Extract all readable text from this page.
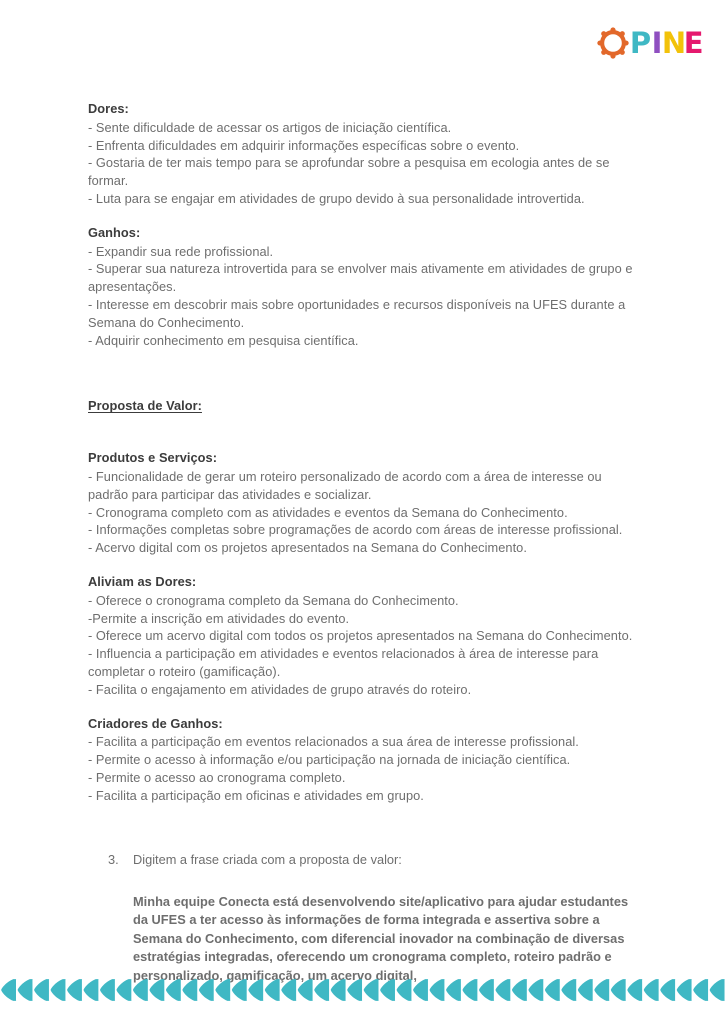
P I N
E

Dores:

- Sente dificuldade de acessar os artigos de iniciação científica.

- Enfrenta dificuldades em adquirir informações específicas sobre o evento.

- Gostaria de ter mais tempo para se aprofundar sobre a pesquisa em ecologia antes de se formar.

- Luta para se engajar em atividades de grupo devido à sua personalidade introvertida.

Ganhos:

- Expandir sua rede profissional.

- Superar sua natureza introvertida para se envolver mais ativamente em atividades de grupo e apresentações.

- Interesse em descobrir mais sobre oportunidades e recursos disponíveis na UFES durante a Semana do Conhecimento.

- Adquirir conhecimento em pesquisa científica.

Proposta de Valor:

Produtos e Serviços:

- Funcionalidade de gerar um roteiro personalizado de acordo com a área de interesse ou padrão para participar das atividades e socializar.

- Cronograma completo com as atividades e eventos da Semana do Conhecimento.

- Informações completas sobre programações de acordo com áreas de interesse profissional.

- Acervo digital com os projetos apresentados na Semana do Conhecimento.

Aliviam as Dores:

- Oferece o cronograma completo da Semana do Conhecimento.

-Permite a inscrição em atividades do evento.

- Oferece um acervo digital com todos os projetos apresentados na Semana do Conhecimento.

- Influencia a participação em atividades e eventos relacionados à área de interesse para completar o roteiro (gamificação).

- Facilita o engajamento em atividades de grupo através do roteiro.

Criadores de Ganhos:

- Facilita a participação em eventos relacionados a sua área de interesse profissional.

- Permite o acesso à informação e/ou participação na jornada de iniciação científica.

- Permite o acesso ao cronograma completo.

- Facilita a participação em oficinas e atividades em grupo.

3. Digitem a frase criada com a proposta de valor:
Minha equipe Conecta está desenvolvendo site/aplicativo para ajudar estudantes da UFES a ter acesso às informações de forma integrada e assertiva sobre a Semana do Conhecimento, com diferencial inovador na combinação de diversas estratégias integradas, oferecendo um cronograma completo, roteiro padrão e personalizado, gamificação, um acervo digital,
